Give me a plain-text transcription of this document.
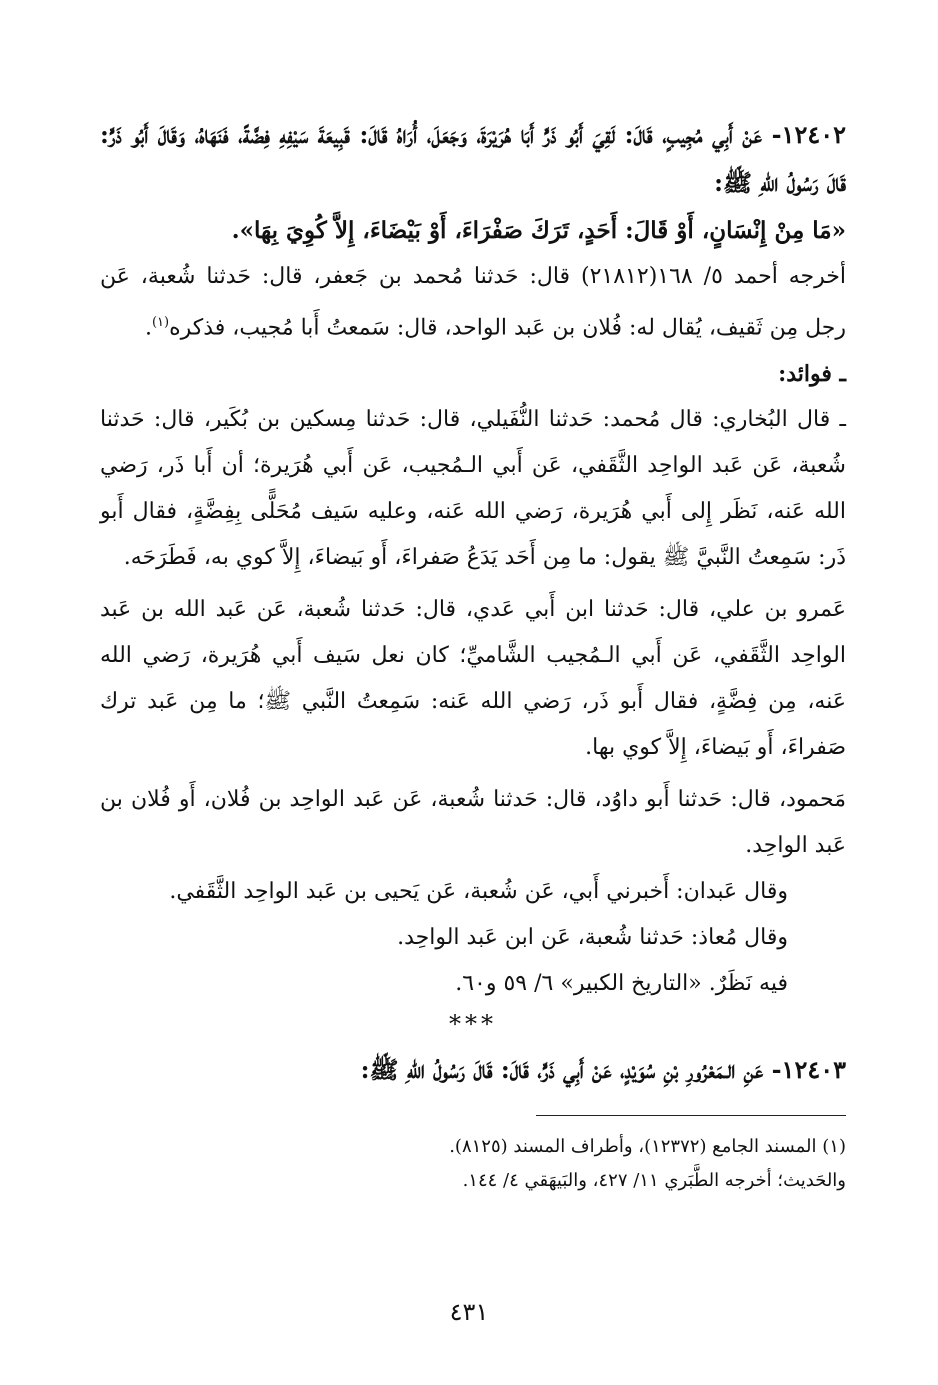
١٢٤٠٢- عَنْ أَبِي مُجِيبٍ، قَالَ: لَقِيَ أَبُو ذَرٍّ أَبَا هُرَيْرَةَ، وَجَعَلَ، أُرَاهُ قَالَ: قَبِيعَةَ سَيْفِهِ فِضَّةً، فَنَهَاهُ، وَقَالَ أَبُو ذَرٍّ: قَالَ رَسُولُ اللهِ ﷺ:

«مَا مِنْ إِنْسَانٍ، أَوْ قَالَ: أَحَدٍ، تَرَكَ صَفْرَاءَ، أَوْ بَيْضَاءَ، إِلاَّ كُوِيَ بِهَا».

أخرجه أحمد ٥/ ١٦٨(٢١٨١٢) قال: حَدثنا مُحمد بن جَعفر، قال: حَدثنا شُعبة، عَن رجل مِن ثَقيف، يُقال له: فُلان بن عَبد الواحد، قال: سَمعتُ أَبا مُجيب، فذكره$^{(١)}$.

ـ فوائد:

ـ قال البُخاري: قال مُحمد: حَدثنا النُّفَيلي، قال: حَدثنا مِسكين بن بُكَير، قال: حَدثنا شُعبة، عَن عَبد الواحِد الثَّقَفي، عَن أَبي الـمُجيب، عَن أَبي هُرَيرة؛ أن أَبا ذَر، رَضي الله عَنه، نَظَر إِلى أَبي هُرَيرة، رَضي الله عَنه، وعليه سَيف مُحَلًّى بِفِضَّةٍ، فقال أَبو ذَر: سَمِعتُ النَّبيَّ ﷺ يقول: ما مِن أَحَد يَدَعُ صَفراءَ، أَو بَيضاءَ، إِلاَّ كوي به، فَطَرَحَه.

عَمرو بن علي، قال: حَدثنا ابن أَبي عَدي، قال: حَدثنا شُعبة، عَن عَبد الله بن عَبد الواحِد الثَّقَفي، عَن أَبي الـمُجيب الشَّاميِّ؛ كان نعل سَيف أَبي هُرَيرة، رَضي الله عَنه، مِن فِضَّةٍ، فقال أَبو ذَر، رَضي الله عَنه: سَمِعتُ النَّبي ﷺ؛ ما مِن عَبد ترك صَفراءَ، أَو بَيضاءَ، إِلاَّ كوي بها.

مَحمود، قال: حَدثنا أَبو داوُد، قال: حَدثنا شُعبة، عَن عَبد الواحِد بن فُلان، أَو فُلان بن عَبد الواحِد.

وقال عَبدان: أَخبرني أَبي، عَن شُعبة، عَن يَحيى بن عَبد الواحِد الثَّقَفي.

وقال مُعاذ: حَدثنا شُعبة، عَن ابن عَبد الواحِد.

فيه نَظَرٌ. «التاريخ الكبير» ٦/ ٥٩ و٦٠.

***

١٢٤٠٣- عَنِ الـمَعْرُورِ بْنِ سُوَيْدٍ، عَنْ أَبِي ذَرٍّ، قَالَ: قَالَ رَسُولُ اللهِ ﷺ:

(١) المسند الجامع (١٢٣٧٢)، وأطراف المسند (٨١٢٥).

والحَديث؛ أخرجه الطَّبَري ١١/ ٤٢٧، والبَيهَقي ٤/ ١٤٤.

٤٣١
